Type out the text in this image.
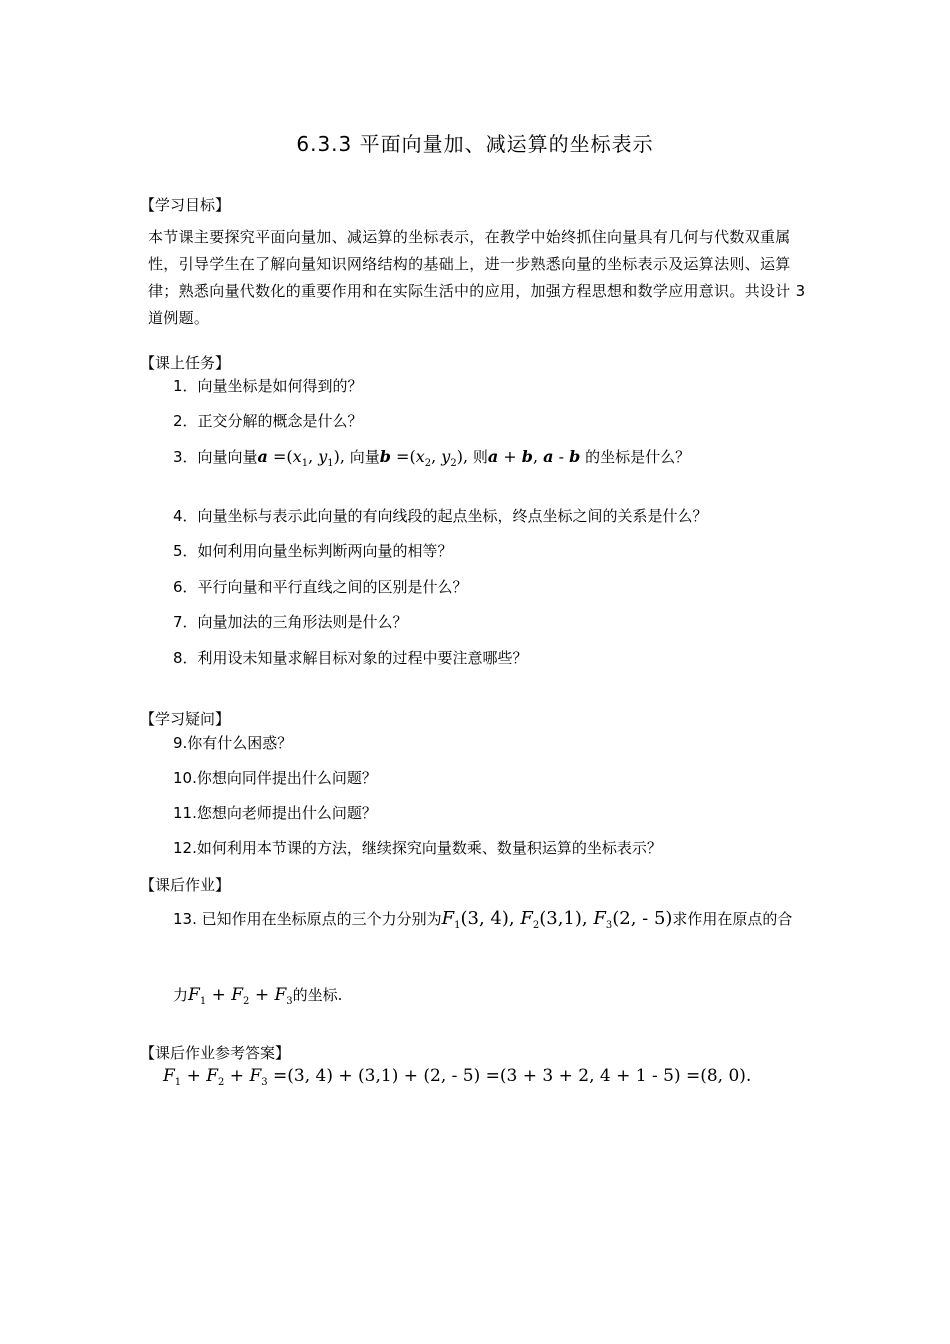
6.3.3 平面向量加、减运算的坐标表示
【学习目标】
本节课主要探究平面向量加、减运算的坐标表示，在教学中始终抓住向量具有几何与代数双重属性，引导学生在了解向量知识网络结构的基础上，进一步熟悉向量的坐标表示及运算法则、运算律；熟悉向量代数化的重要作用和在实际生活中的应用，加强方程思想和数学应用意识。共设计 3 道例题。
【课上任务】
1．向量坐标是如何得到的？
2．正交分解的概念是什么？
3．向量向量$a =(x_1$, $y_1$), 向量$b =(x_2$, $y_2$), 则a + b, a - b 的坐标是什么？
4．向量坐标与表示此向量的有向线段的起点坐标，终点坐标之间的关系是什么？
5．如何利用向量坐标判断两向量的相等？
6．平行向量和平行直线之间的区别是什么？
7．向量加法的三角形法则是什么？
8．利用设未知量求解目标对象的过程中要注意哪些？
【学习疑问】
9.你有什么困惑？
10.你想向同伴提出什么问题？
11.您想向老师提出什么问题？
12.如何利用本节课的方法，继续探究向量数乘、数量积运算的坐标表示？
【课后作业】
13. 已知作用在坐标原点的三个力分别为$F_1(3$, 4), $F_2(3,1)$, $F_3(2$, - 5)求作用在原点的合
力$F_1 + F_2 + F_3$的坐标.
【课后作业参考答案】
$F_1 + F_2 + F_3 =(3$, 4) + (3,1) + (2, - 5) =(3 + 3 + 2, 4 + 1 - 5) =(8, 0).
